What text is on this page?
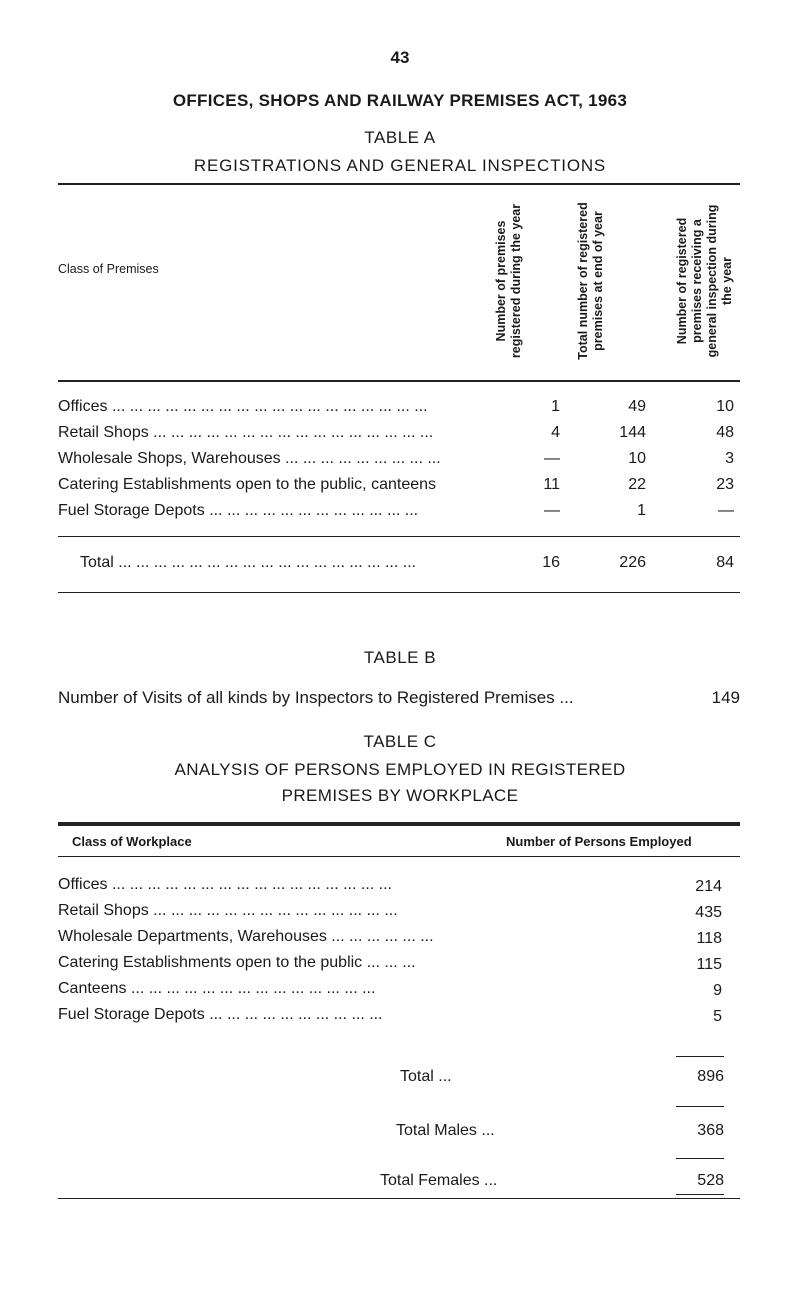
43
OFFICES, SHOPS AND RAILWAY PREMISES ACT, 1963
TABLE A
REGISTRATIONS AND GENERAL INSPECTIONS
Class of Premises	Number of premises registered during the year	Total number of registered premises at end of year	Number of registered premises receiving a general inspection during the year
Offices ... ... ... ... ... ... ... ... ... ... ... ... ... ... ... ... ... ...	1	49	10
Retail Shops ... ... ... ... ... ... ... ... ... ... ... ... ... ... ... ...	4	144	48
Wholesale Shops, Warehouses ... ... ... ... ... ... ... ... ...	—	10	3
Catering Establishments open to the public, canteens	11	22	23
Fuel Storage Depots ... ... ... ... ... ... ... ... ... ... ... ...	—	1	—
Total ... ... ... ... ... ... ... ... ... ... ... ... ... ... ... ... ...	16	226	84
TABLE B
Number of Visits of all kinds by Inspectors to Registered Premises ...	149
TABLE C
ANALYSIS OF PERSONS EMPLOYED IN REGISTERED
PREMISES BY WORKPLACE
Class of Workplace	Number of Persons Employed
Offices ... ... ... ... ... ... ... ... ... ... ... ... ... ... ... ...	214
Retail Shops ... ... ... ... ... ... ... ... ... ... ... ... ... ...	435
Wholesale Departments, Warehouses ... ... ... ... ... ...	118
Catering Establishments open to the public ... ... ...	115
Canteens ... ... ... ... ... ... ... ... ... ... ... ... ... ...	9
Fuel Storage Depots ... ... ... ... ... ... ... ... ... ...	5
Total ...	896
Total Males ...	368
Total Females ...	528
